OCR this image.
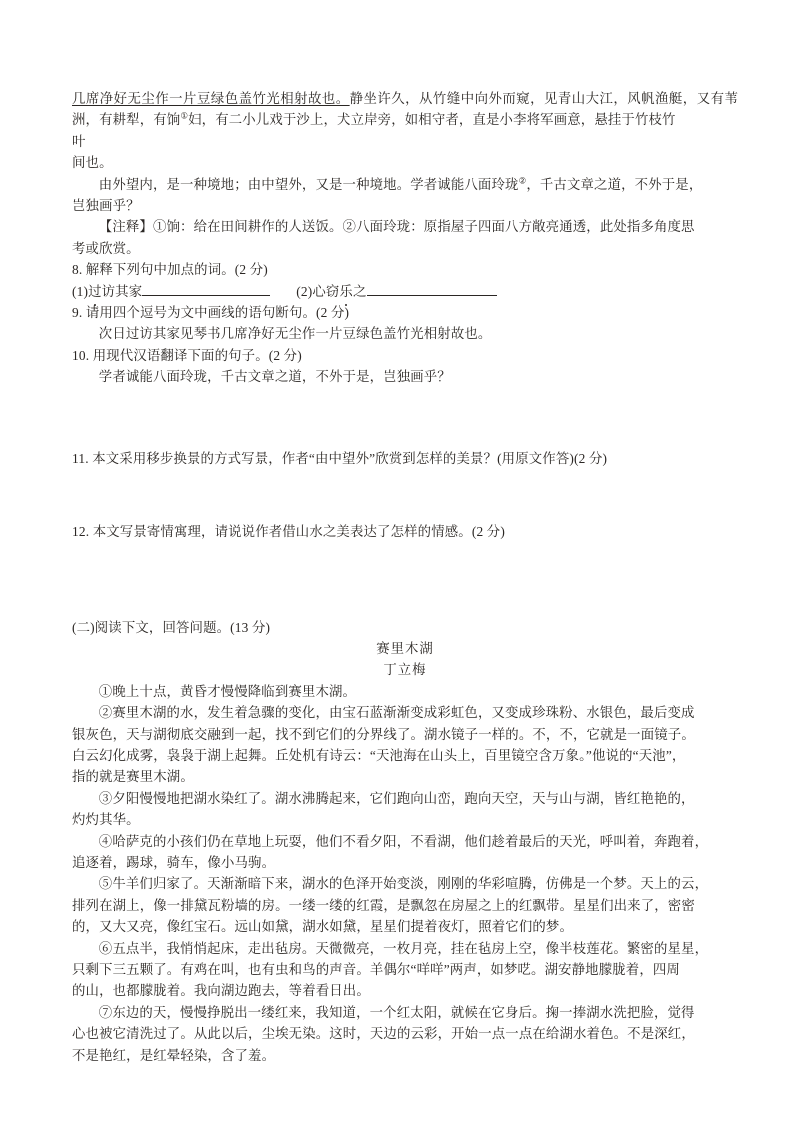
几席净好无尘作一片豆绿色盖竹光相射故也。静坐许久，从竹缝中向外而窥，见青山大江，风帆渔艇，又有苇洲，有耕犁，有饷①妇，有二小儿戏于沙上，犬立岸旁，如相守者，直是小李将军画意，悬挂于竹枝竹
叶
间也。
由外望内，是一种境地；由中望外，又是一种境地。学者诚能八面玲珑②，千古文章之道，不外于是，
岂独画乎？
【注释】①饷：给在田间耕作的人送饭。②八面玲珑：原指屋子四面八方敞亮通透，此处指多角度思
考或欣赏。
8. 解释下列句中加点的词。(2 分)
(1)过访其家	(2)心窃乐之
9. 请用四个逗号为文中画线的语句断句。(2 分)
次日过访其家见琴书几席净好无尘作一片豆绿色盖竹光相射故也。
10. 用现代汉语翻译下面的句子。(2 分)
学者诚能八面玲珑，千古文章之道，不外于是，岂独画乎？
11. 本文采用移步换景的方式写景，作者“由中望外”欣赏到怎样的美景？(用原文作答)(2 分)
12. 本文写景寄情寓理，请说说作者借山水之美表达了怎样的情感。(2 分)
(二)阅读下文，回答问题。(13 分)
赛里木湖
丁立梅
①晚上十点，黄昏才慢慢降临到赛里木湖。
②赛里木湖的水，发生着急骤的变化，由宝石蓝渐渐变成彩虹色，又变成珍珠粉、水银色，最后变成
银灰色，天与湖彻底交融到一起，找不到它们的分界线了。湖水镜子一样的。不，不，它就是一面镜子。
白云幻化成雾，袅袅于湖上起舞。丘处机有诗云：“天池海在山头上，百里镜空含万象。”他说的“天池”，
指的就是赛里木湖。
③夕阳慢慢地把湖水染红了。湖水沸腾起来，它们跑向山峦，跑向天空，天与山与湖，皆红艳艳的，
灼灼其华。
④哈萨克的小孩们仍在草地上玩耍，他们不看夕阳，不看湖，他们趁着最后的天光，呼叫着，奔跑着，
追逐着，踢球，骑车，像小马驹。
⑤牛羊们归家了。天渐渐暗下来，湖水的色泽开始变淡，刚刚的华彩喧腾，仿佛是一个梦。天上的云，
排列在湖上，像一排黛瓦粉墙的房。一缕一缕的红霞，是飘忽在房屋之上的红飘带。星星们出来了，密密
的，又大又亮，像红宝石。远山如黛，湖水如黛，星星们提着夜灯，照着它们的梦。
⑥五点半，我悄悄起床，走出毡房。天微微亮，一枚月亮，挂在毡房上空，像半枝莲花。繁密的星星，
只剩下三五颗了。有鸡在叫，也有虫和鸟的声音。羊偶尔“咩咩”两声，如梦呓。湖安静地朦胧着，四周
的山，也都朦胧着。我向湖边跑去，等着看日出。
⑦东边的天，慢慢挣脱出一缕红来，我知道，一个红太阳，就候在它身后。掬一捧湖水洗把脸，觉得
心也被它清洗过了。从此以后，尘埃无染。这时，天边的云彩，开始一点一点在给湖水着色。不是深红，
不是艳红，是红晕轻染，含了羞。
